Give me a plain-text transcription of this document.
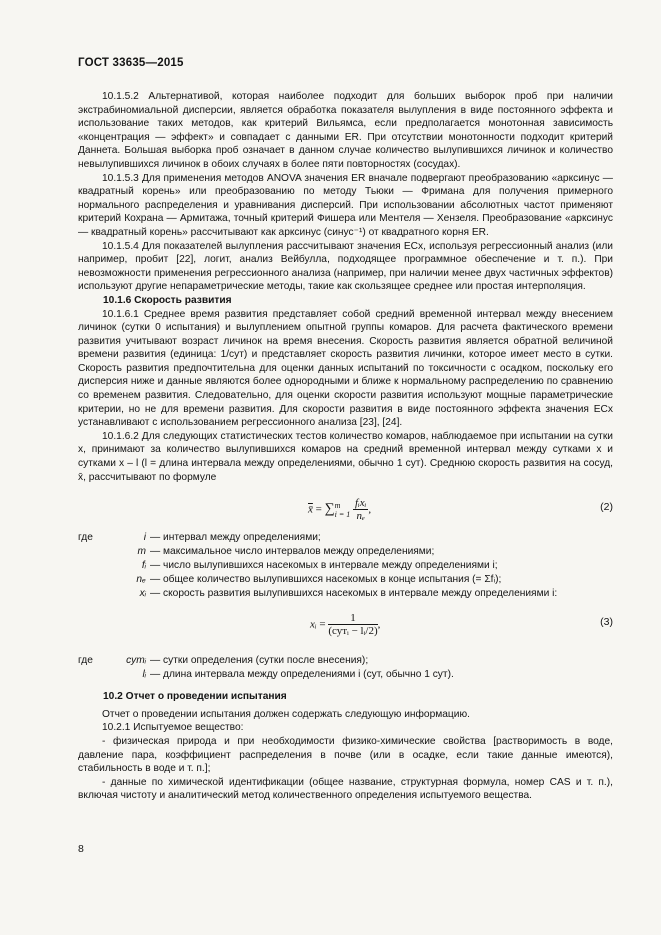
ГОСТ 33635—2015

10.1.5.2 Альтернативой, которая наиболее подходит для больших выборок проб при наличии экстрабиномиальной дисперсии, является обработка показателя вылупления в виде постоянного эффекта и использование таких методов, как критерий Вильямса, если предполагается монотонная зависимость «концентрация — эффект» и совпадает с данными ER. При отсутствии монотонности подходит критерий Даннета. Большая выборка проб означает в данном случае количество вылупившихся личинок и количество невылупившихся личинок в обоих случаях в более пяти повторностях (сосудах).

10.1.5.3 Для применения методов ANOVA значения ER вначале подвергают преобразованию «арксинус — квадратный корень» или преобразованию по методу Тьюки — Фримана для получения примерного нормального распределения и уравнивания дисперсий. При использовании абсолютных частот применяют критерий Кохрана — Армитажа, точный критерий Фишера или Ментеля — Хензеля. Преобразование «арксинус — квадратный корень» рассчитывают как арксинус (синус⁻¹) от квадратного корня ER.

10.1.5.4 Для показателей вылупления рассчитывают значения ECx, используя регрессионный анализ (или например, пробит [22], логит, анализ Вейбулла, подходящее программное обеспечение и т. п.). При невозможности применения регрессионного анализа (например, при наличии менее двух частичных эффектов) используют другие непараметрические методы, такие как скользящее среднее или простая интерполяция.

10.1.6 Скорость развития

10.1.6.1 Среднее время развития представляет собой средний временной интервал между внесением личинок (сутки 0 испытания) и вылуплением опытной группы комаров. Для расчета фактического времени развития учитывают возраст личинок на время внесения. Скорость развития является обратной величиной времени развития (единица: 1/сут) и представляет скорость развития личинки, которое имеет место в сутки. Скорость развития предпочтительна для оценки данных испытаний по токсичности с осадком, поскольку его дисперсия ниже и данные являются более однородными и ближе к нормальному распределению по сравнению со временем развития. Следовательно, для оценки скорости развития используют мощные параметрические критерии, но не для времени развития. Для скорости развития в виде постоянного эффекта значения ECx устанавливают с использованием регрессионного анализа [23], [24].

10.1.6.2 Для следующих статистических тестов количество комаров, наблюдаемое при испытании на сутки x, принимают за количество вылупившихся комаров на средний временной интервал между сутками x и сутками x – l (l = длина интервала между определениями, обычно 1 сут). Среднюю скорость развития на сосуд, x̄, рассчитывают по формуле

x̄ = ∑ m
i = 1
$\frac{\text{fᵢxᵢ}}{\text{nₑ}}$ ,	(2)
где	i — интервал между определениями;
m — максимальное число интервалов между определениями;
fᵢ — число вылупившихся насекомых в интервале между определениями i;
nₑ — общее количество вылупившихся насекомых в конце испытания (= Σfᵢ);
xᵢ — скорость развития вылупившихся насекомых в интервале между определениями i:
xᵢ = $\frac{1}{\text{(сутᵢ − lᵢ/2)}}$ ,	(3)
где	сутᵢ — сутки определения (сутки после внесения);
lᵢ — длина интервала между определениями i (сут, обычно 1 сут).

10.2 Отчет о проведении испытания

Отчет о проведении испытания должен содержать следующую информацию.

10.2.1 Испытуемое вещество:

- физическая природа и при необходимости физико-химические свойства [растворимость в воде, давление пара, коэффициент распределения в почве (или в осадке, если такие данные имеются), стабильность в воде и т. п.];

- данные по химической идентификации (общее название, структурная формула, номер CAS и т. п.), включая чистоту и аналитический метод количественного определения испытуемого вещества.

8
